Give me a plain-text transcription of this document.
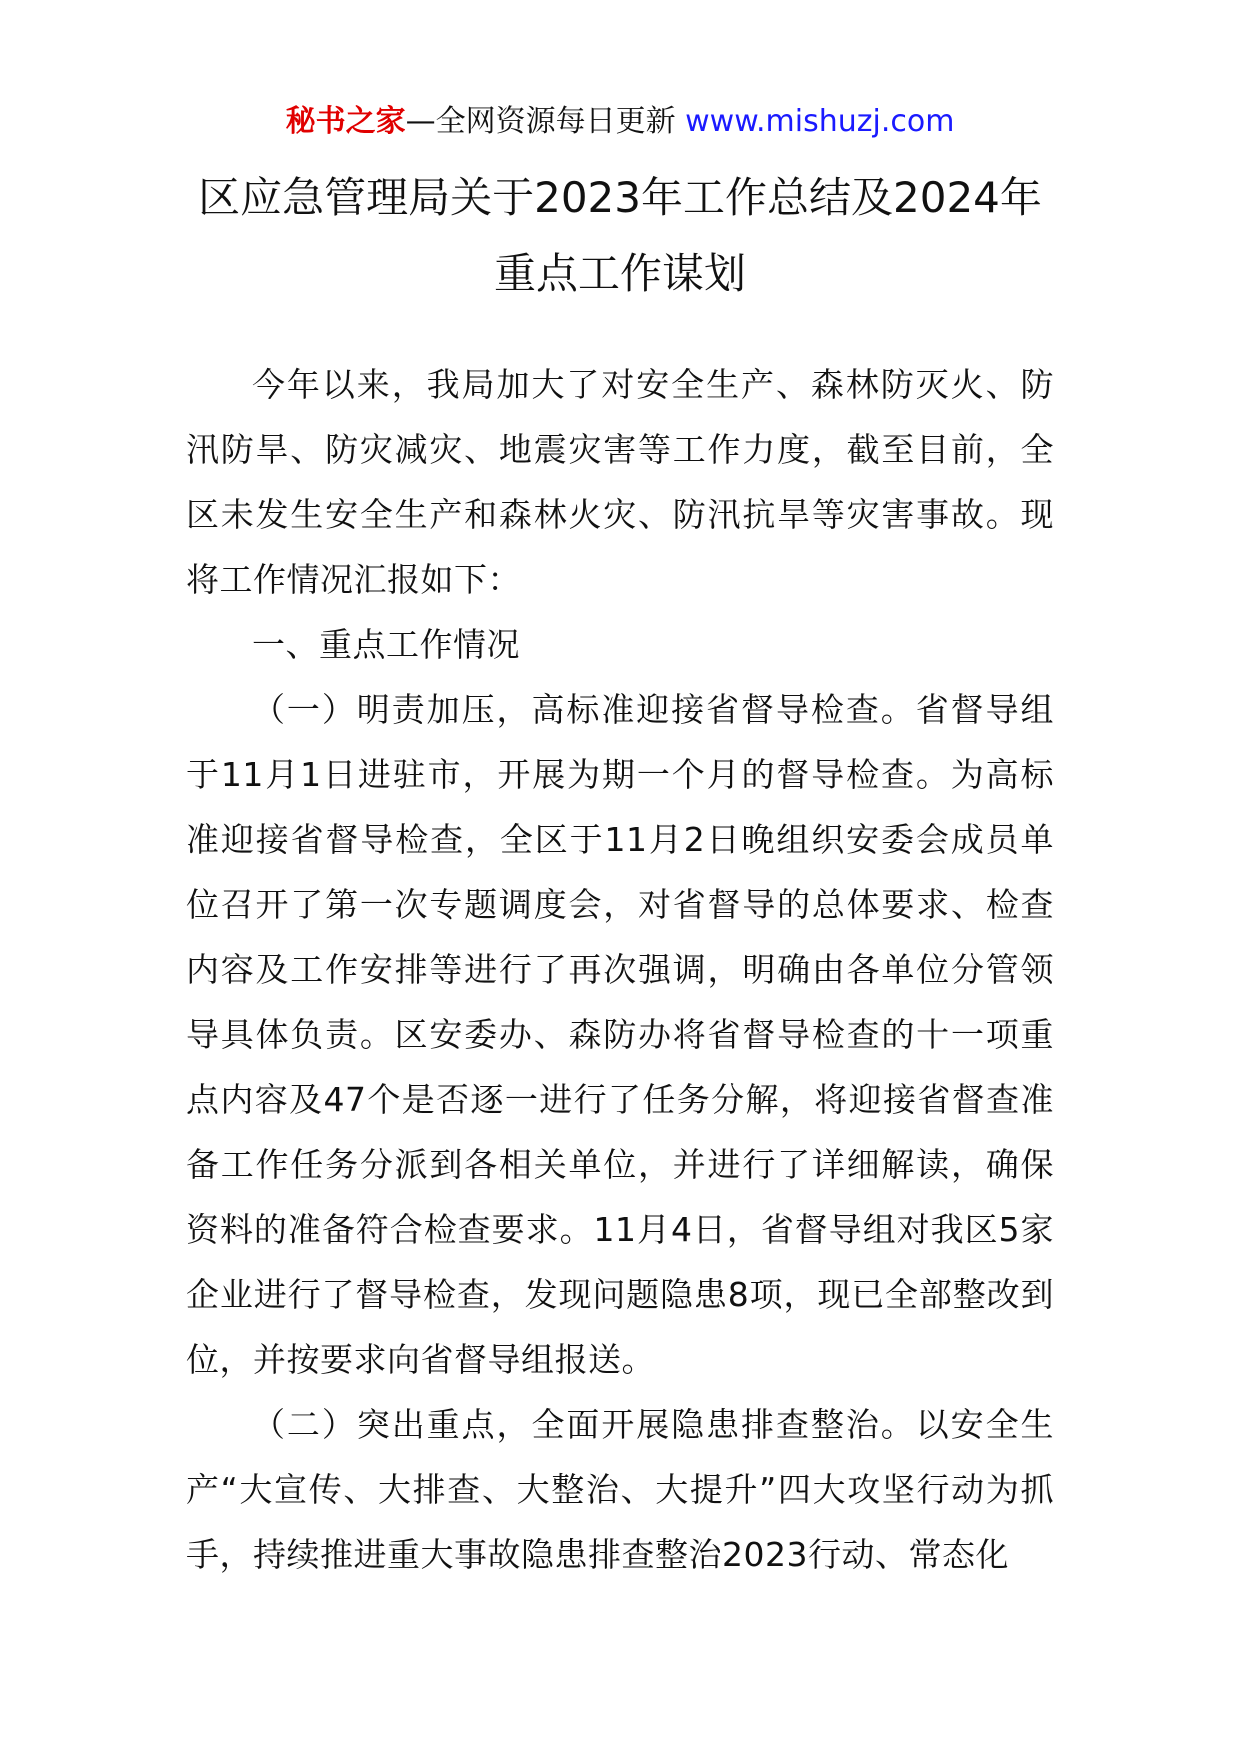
秘书之家—全网资源每日更新 www.mishuzj.com
区应急管理局关于2023年工作总结及2024年
重点工作谋划

今年以来，我局加大了对安全生产、森林防灭火、防汛防旱、防灾减灾、地震灾害等工作力度，截至目前，全区未发生安全生产和森林火灾、防汛抗旱等灾害事故。现将工作情况汇报如下：

一、重点工作情况

（一）明责加压，高标准迎接省督导检查。省督导组于11月1日进驻市，开展为期一个月的督导检查。为高标准迎接省督导检查，全区于11月2日晚组织安委会成员单位召开了第一次专题调度会，对省督导的总体要求、检查内容及工作安排等进行了再次强调，明确由各单位分管领导具体负责。区安委办、森防办将省督导检查的十一项重点内容及47个是否逐一进行了任务分解，将迎接省督查准备工作任务分派到各相关单位，并进行了详细解读，确保资料的准备符合检查要求。11月4日，省督导组对我区5家企业进行了督导检查，发现问题隐患8项，现已全部整改到位，并按要求向省督导组报送。

（二）突出重点，全面开展隐患排查整治。以安全生产“大宣传、大排查、大整治、大提升”四大攻坚行动为抓手，持续推进重大事故隐患排查整治2023行动、常态化
